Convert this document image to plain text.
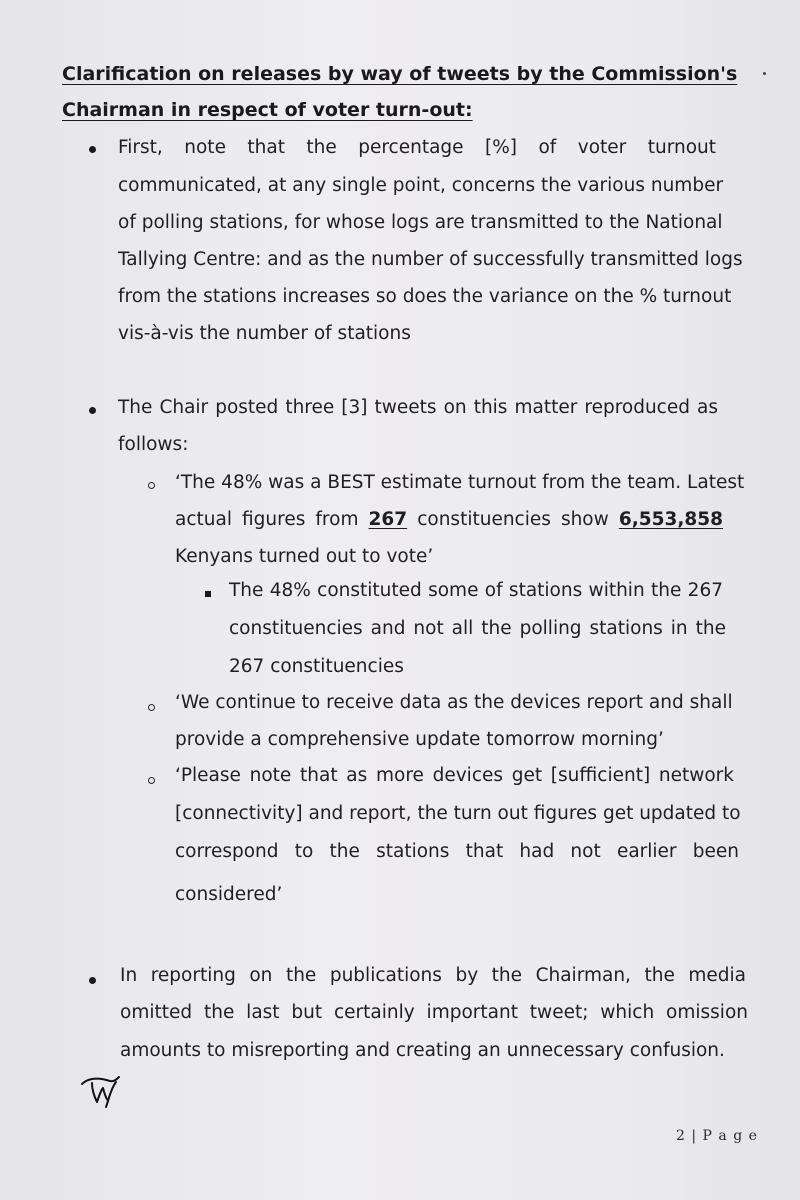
Clarification on releases by way of tweets by the Commission's

Chairman in respect of voter turn-out:

First, note that the percentage [%] of voter turnout

communicated, at any single point, concerns the various number

of polling stations, for whose logs are transmitted to the National

Tallying Centre: and as the number of successfully transmitted logs

from the stations increases so does the variance on the % turnout

vis-à-vis the number of stations

The Chair posted three [3] tweets on this matter reproduced as

follows:

‘The 48% was a BEST estimate turnout from the team. Latest

actual figures from 267 constituencies show 6,553,858

Kenyans turned out to vote’

The 48% constituted some of stations within the 267

constituencies and not all the polling stations in the

267 constituencies

‘We continue to receive data as the devices report and shall

provide a comprehensive update tomorrow morning’

‘Please note that as more devices get [sufficient] network

[connectivity] and report, the turn out figures get updated to

correspond to the stations that had not earlier been

considered’

In reporting on the publications by the Chairman, the media

omitted the last but certainly important tweet; which omission

amounts to misreporting and creating an unnecessary confusion.

2 | P a g e
